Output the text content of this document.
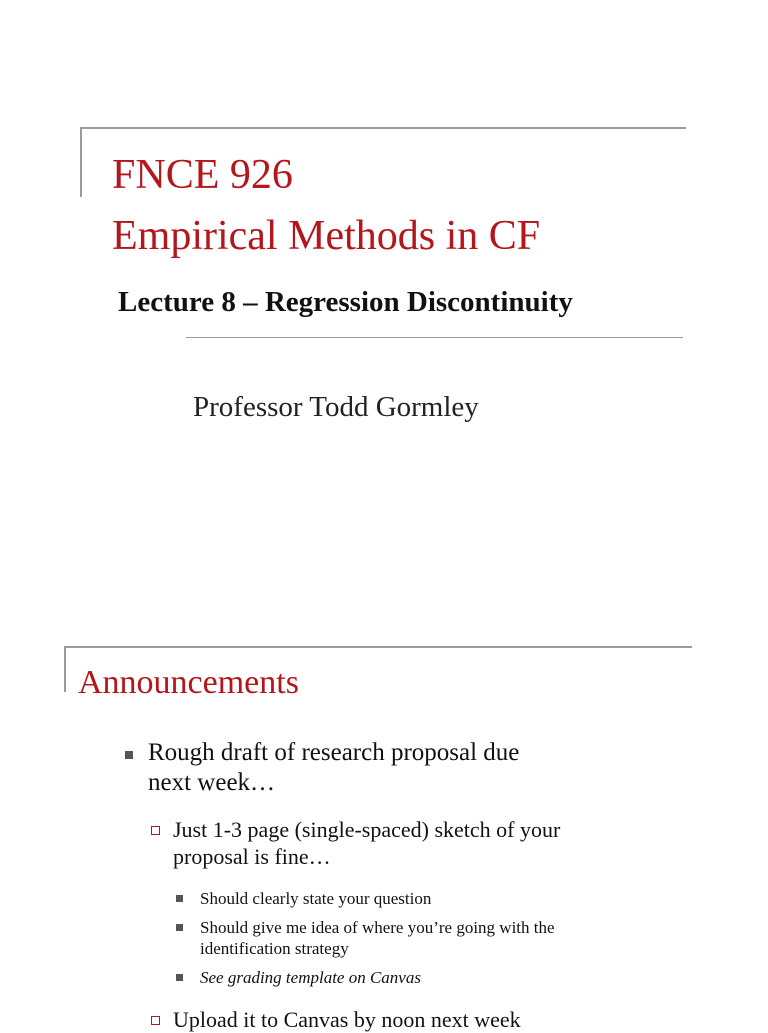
FNCE 926
Empirical Methods in CF
Lecture 8 – Regression Discontinuity
Professor Todd Gormley
Announcements
Rough draft of research proposal due next week…
Just 1-3 page (single-spaced) sketch of your proposal is fine…
Should clearly state your question
Should give me idea of where you’re going with the identification strategy
See grading template on Canvas
Upload it to Canvas by noon next week
